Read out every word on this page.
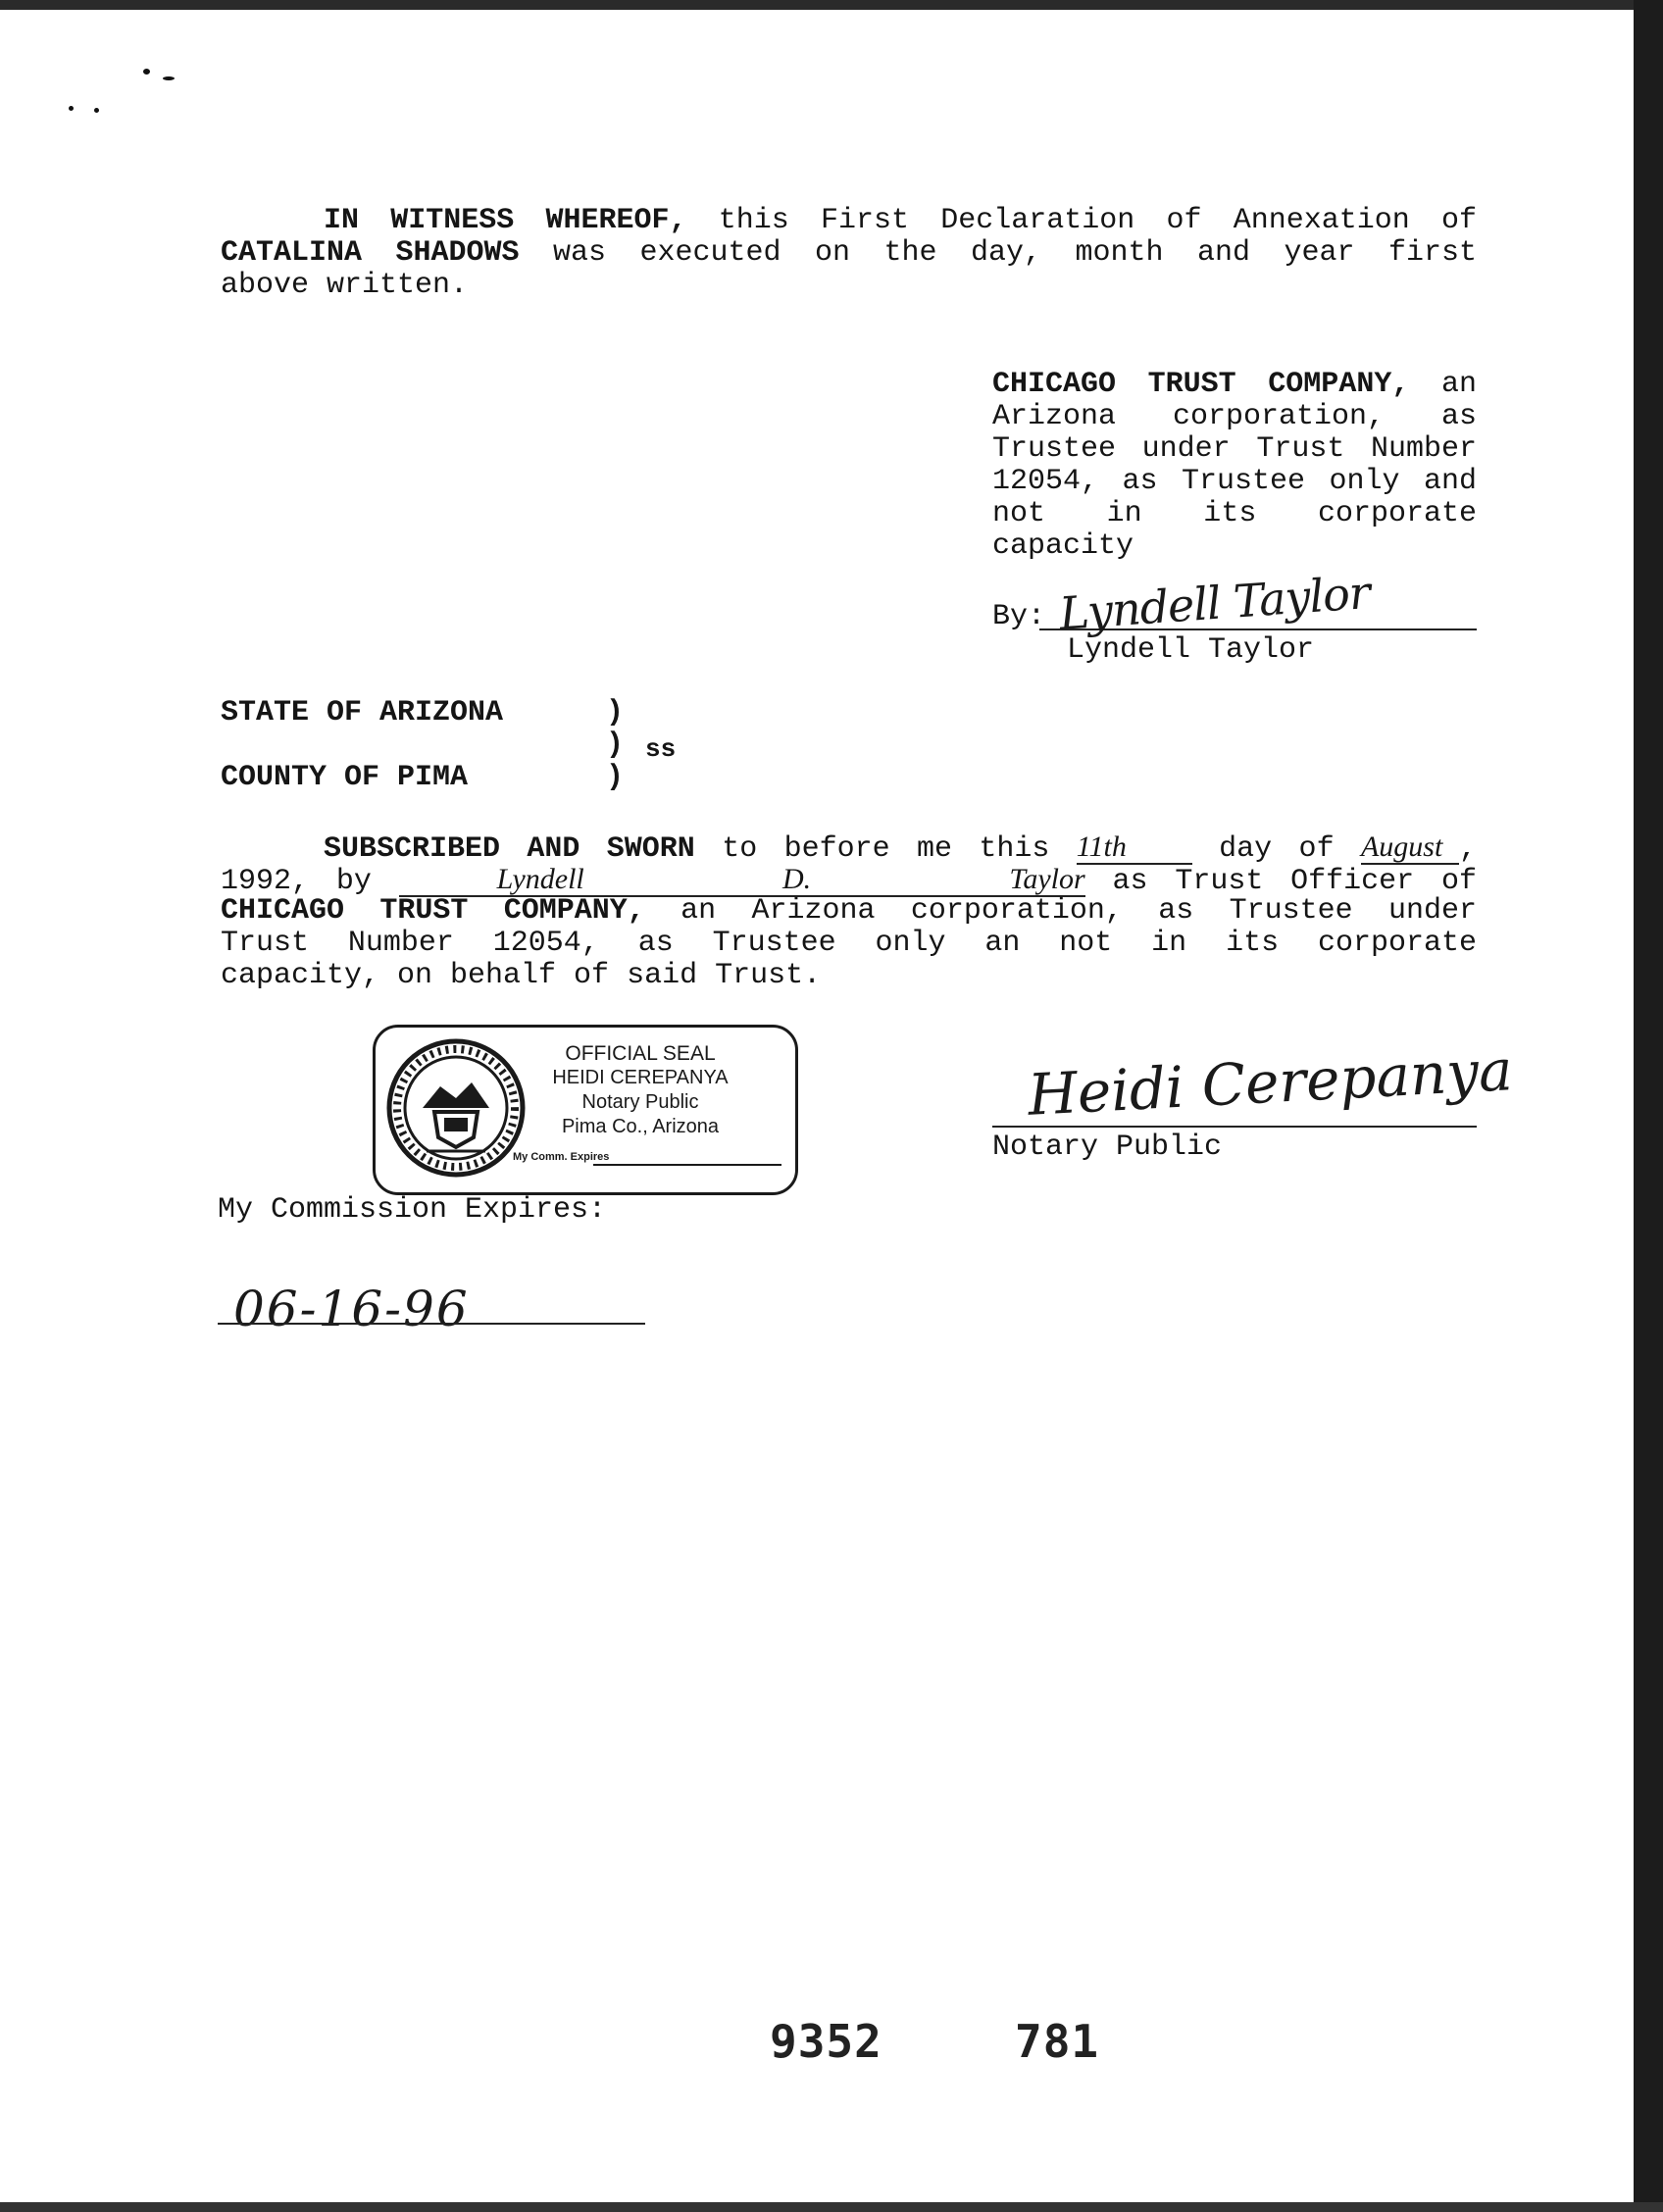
IN WITNESS WHEREOF, this First Declaration of Annexation of
CATALINA SHADOWS was executed on the day, month and year first
above written.
CHICAGO TRUST COMPANY, an
Arizona corporation, as
Trustee under Trust Number
12054, as Trustee only and
not in its corporate
capacity
By: Lyndell Taylor
Lyndell Taylor
STATE OF ARIZONA	)
) ss
COUNTY OF PIMA	)
SUBSCRIBED AND SWORN to before me this 11th	day of August ,
1992, by	Lyndell D. Taylor as Trust Officer of
CHICAGO TRUST COMPANY, an Arizona corporation, as Trustee under
Trust Number 12054, as Trustee only an not in its corporate
capacity, on behalf of said Trust.
OFFICIAL SEAL
HEIDI CEREPANYA
Notary Public
Pima Co., Arizona
My Comm. Expires
Heidi Cerepanya
Notary Public
My Commission Expires:
06-16-96
9352	781
